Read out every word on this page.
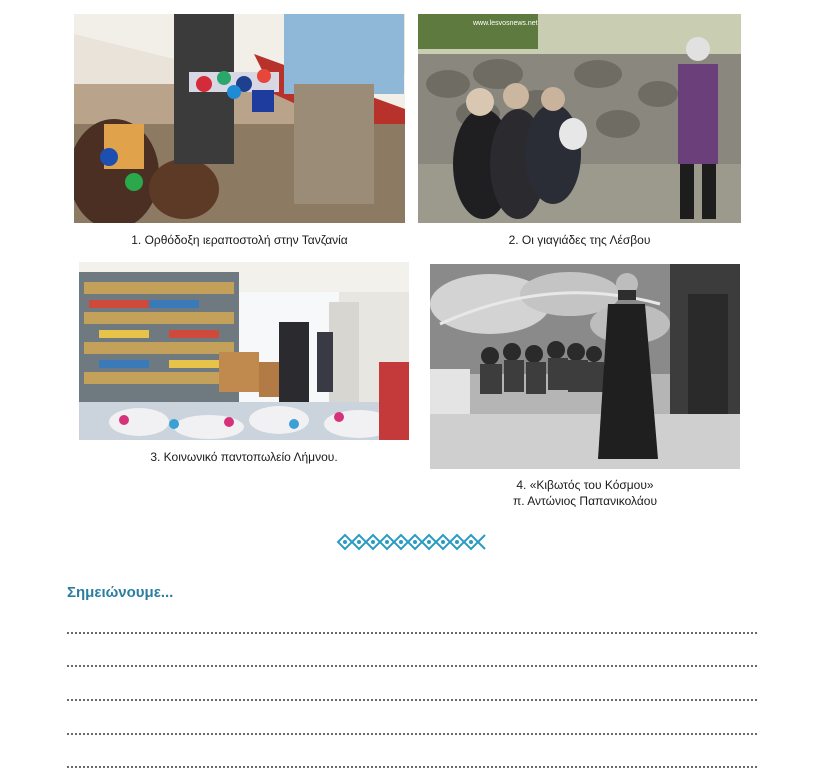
1. Ορθόδοξη ιεραποστολή στην Τανζανία
www.lesvosnews.net
2. Οι γιαγιάδες της Λέσβου
3. Κοινωνικό παντοπωλείο Λήμνου.
4. «Κιβωτός του Κόσμου»
π. Αντώνιος Παπανικολάου
Σημειώνουμε...
